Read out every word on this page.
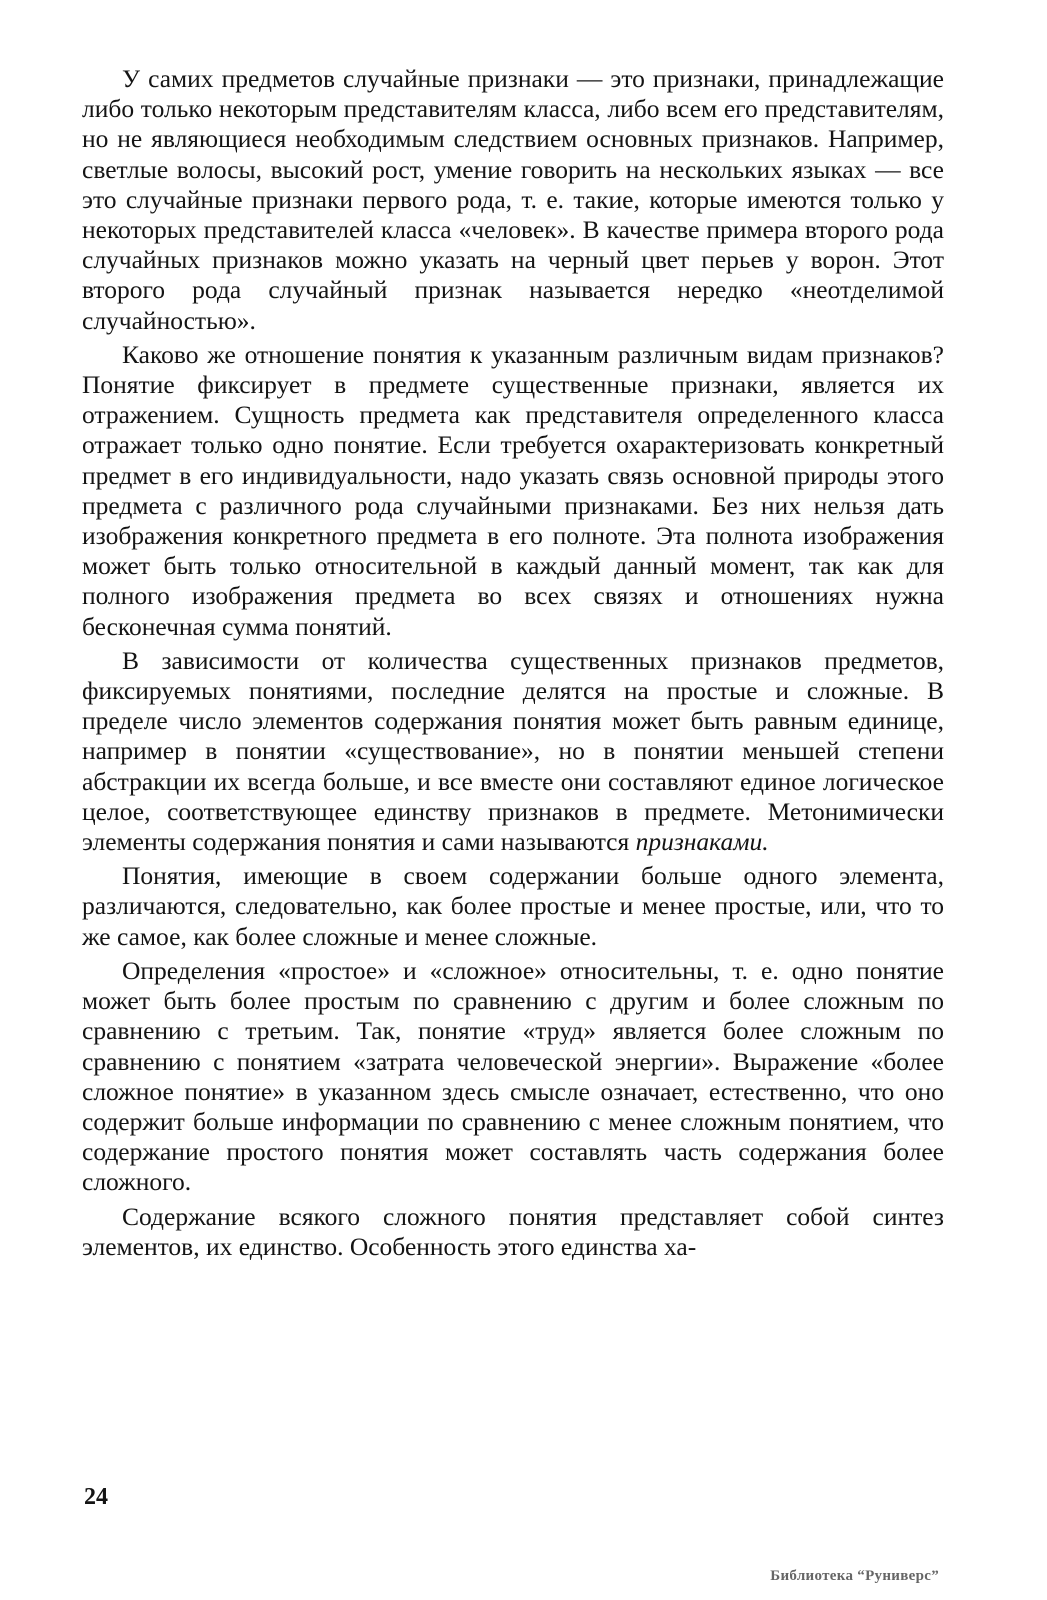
У самих предметов случайные признаки — это признаки, принадлежащие либо только некоторым представителям класса, либо всем его представителям, но не являющиеся необходимым следствием основных признаков. Например, светлые волосы, высокий рост, умение говорить на нескольких языках — все это случайные признаки первого рода, т. е. такие, которые имеются только у некоторых представителей класса «человек». В качестве примера второго рода случайных признаков можно указать на черный цвет перьев у ворон. Этот второго рода случайный признак называется нередко «неотделимой случайностью».

Каково же отношение понятия к указанным различным видам признаков? Понятие фиксирует в предмете существенные признаки, является их отражением. Сущность предмета как представителя определенного класса отражает только одно понятие. Если требуется охарактеризовать конкретный предмет в его индивидуальности, надо указать связь основной природы этого предмета с различного рода случайными признаками. Без них нельзя дать изображения конкретного предмета в его полноте. Эта полнота изображения может быть только относительной в каждый данный момент, так как для полного изображения предмета во всех связях и отношениях нужна бесконечная сумма понятий.

В зависимости от количества существенных признаков предметов, фиксируемых понятиями, последние делятся на простые и сложные. В пределе число элементов содержания понятия может быть равным единице, например в понятии «существование», но в понятии меньшей степени абстракции их всегда больше, и все вместе они составляют единое логическое целое, соответствующее единству признаков в предмете. Метонимически элементы содержания понятия и сами называются признаками.

Понятия, имеющие в своем содержании больше одного элемента, различаются, следовательно, как более простые и менее простые, или, что то же самое, как более сложные и менее сложные.

Определения «простое» и «сложное» относительны, т. е. одно понятие может быть более простым по сравнению с другим и более сложным по сравнению с третьим. Так, понятие «труд» является более сложным по сравнению с понятием «затрата человеческой энергии». Выражение «более сложное понятие» в указанном здесь смысле означает, естественно, что оно содержит больше информации по сравнению с менее сложным понятием, что содержание простого понятия может составлять часть содержания более сложного.

Содержание всякого сложного понятия представляет собой синтез элементов, их единство. Особенность этого единства ха-

24
Библиотека “Руниверс”
